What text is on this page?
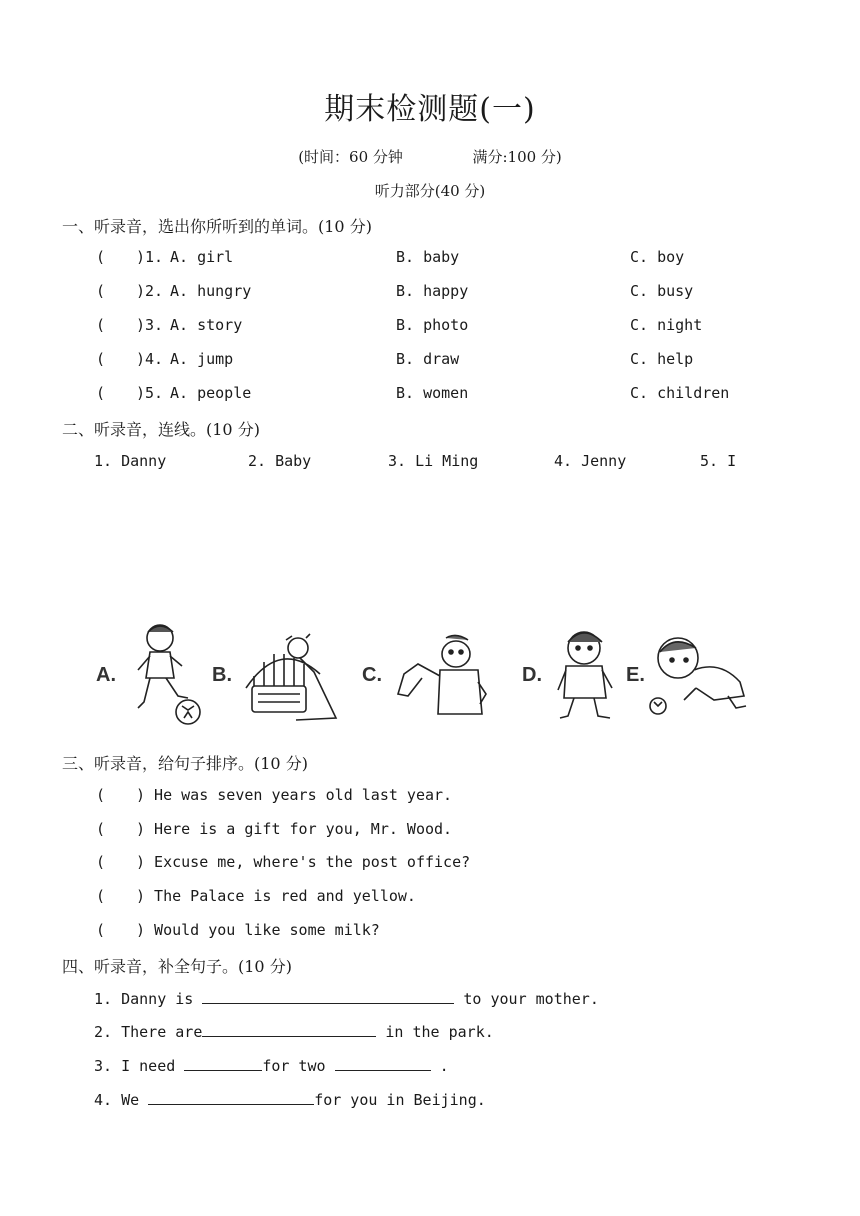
期末检测题(一)
(时间：60 分钟	满分:100 分)
听力部分(40 分)
一、听录音，选出你所听到的单词。(10 分)
( )1. A. girl	B. baby	C. boy
( )2. A. hungry	B. happy	C. busy
( )3. A. story	B. photo	C. night
( )4. A. jump	B. draw	C. help
( )5. A. people	B. women	C. children
二、听录音，连线。(10 分)
1. Danny	2. Baby	3. Li Ming	4. Jenny	5. I
A.	B.	C.	D.	E.
三、听录音，给句子排序。(10 分)
( ) He was seven years old last year.
( ) Here is a gift for you, Mr. Wood.
( ) Excuse me, where's the post office?
( ) The Palace is red and yellow.
( ) Would you like some milk?
四、听录音，补全句子。(10 分)
1. Danny is	to your mother.
2. There are	in the park.
3. I need	for two	.
4. We	for you in Beijing.
